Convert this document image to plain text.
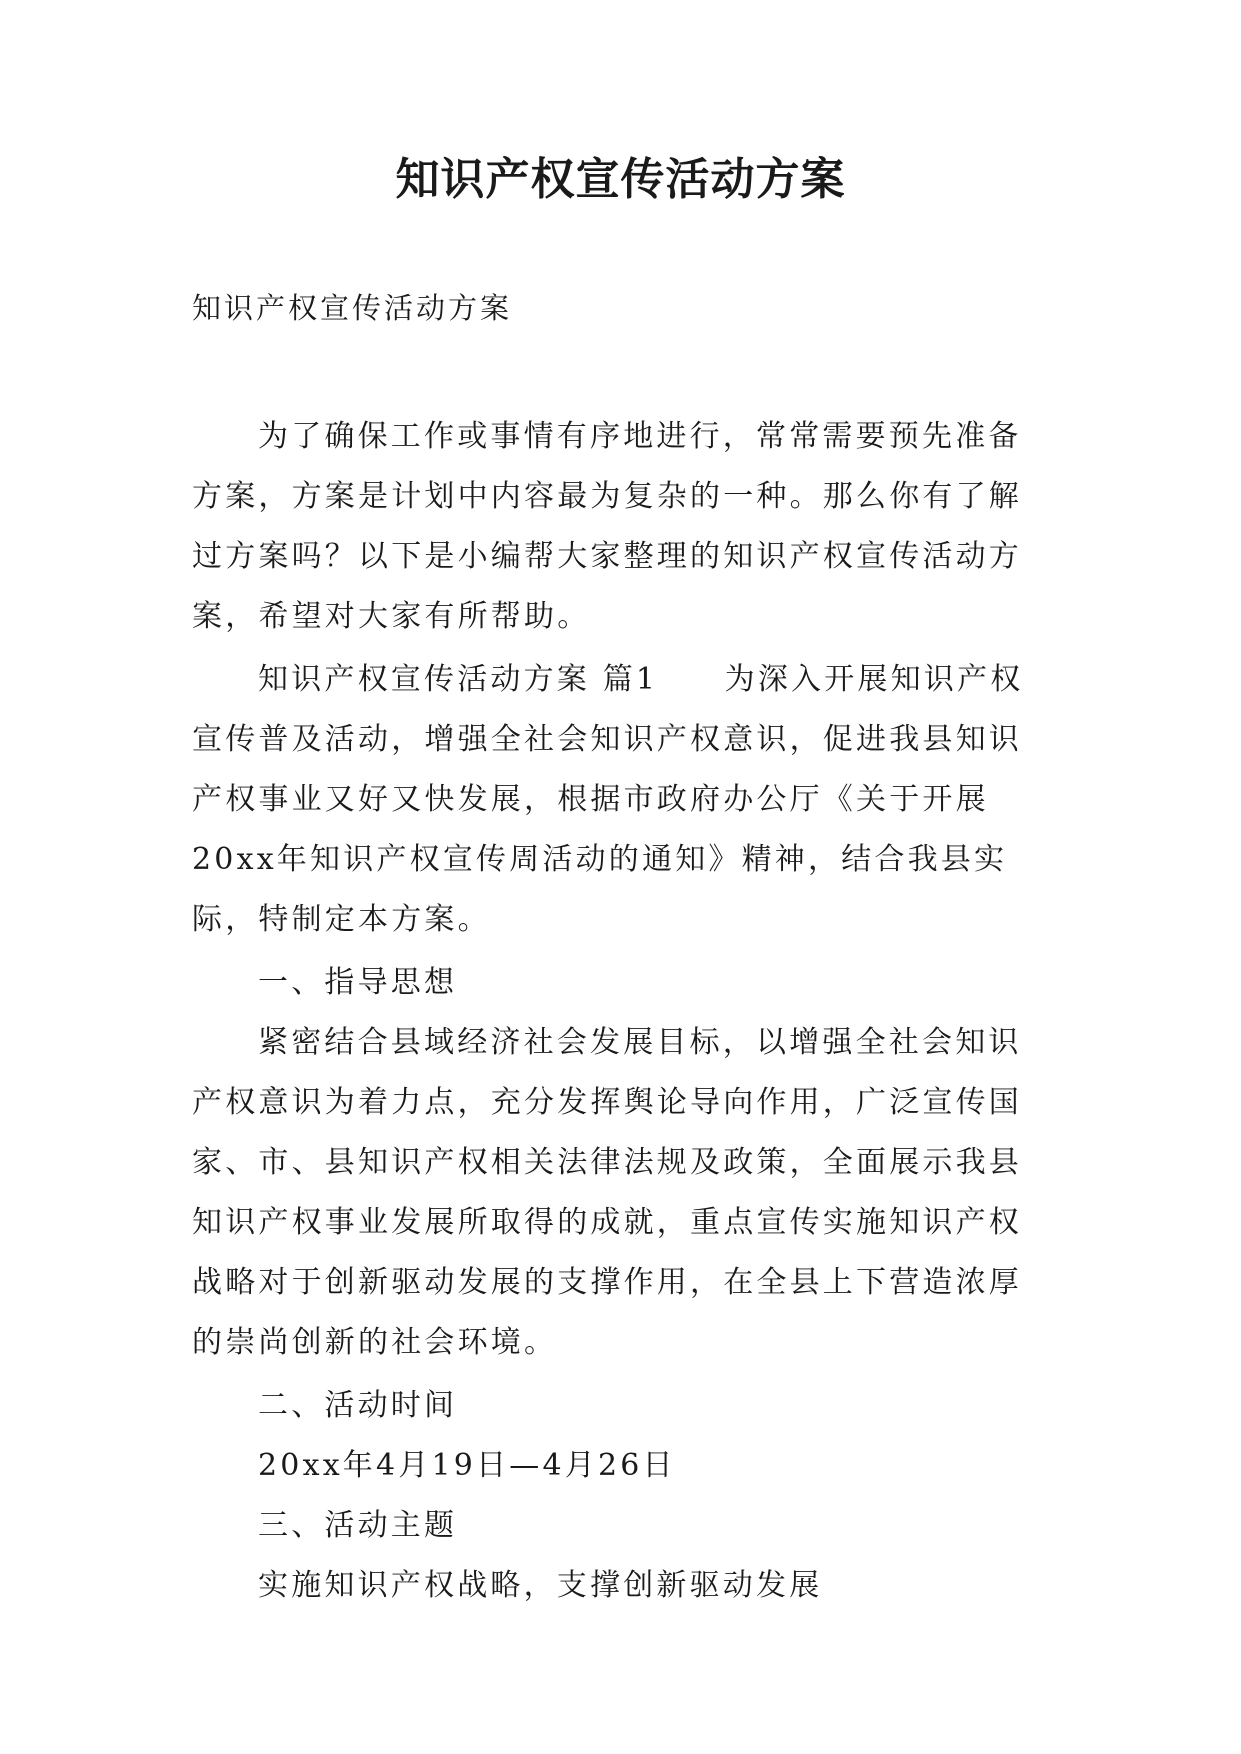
知识产权宣传活动方案

知识产权宣传活动方案

为了确保工作或事情有序地进行，常常需要预先准备方案，方案是计划中内容最为复杂的一种。那么你有了解过方案吗？以下是小编帮大家整理的知识产权宣传活动方案，希望对大家有所帮助。

知识产权宣传活动方案 篇1　　为深入开展知识产权宣传普及活动，增强全社会知识产权意识，促进我县知识产权事业又好又快发展，根据市政府办公厅《关于开展20xx年知识产权宣传周活动的通知》精神，结合我县实际，特制定本方案。

一、指导思想

紧密结合县域经济社会发展目标，以增强全社会知识产权意识为着力点，充分发挥舆论导向作用，广泛宣传国家、市、县知识产权相关法律法规及政策，全面展示我县知识产权事业发展所取得的成就，重点宣传实施知识产权战略对于创新驱动发展的支撑作用，在全县上下营造浓厚的崇尚创新的社会环境。

二、活动时间

20xx年4月19日—4月26日

三、活动主题

实施知识产权战略，支撑创新驱动发展
